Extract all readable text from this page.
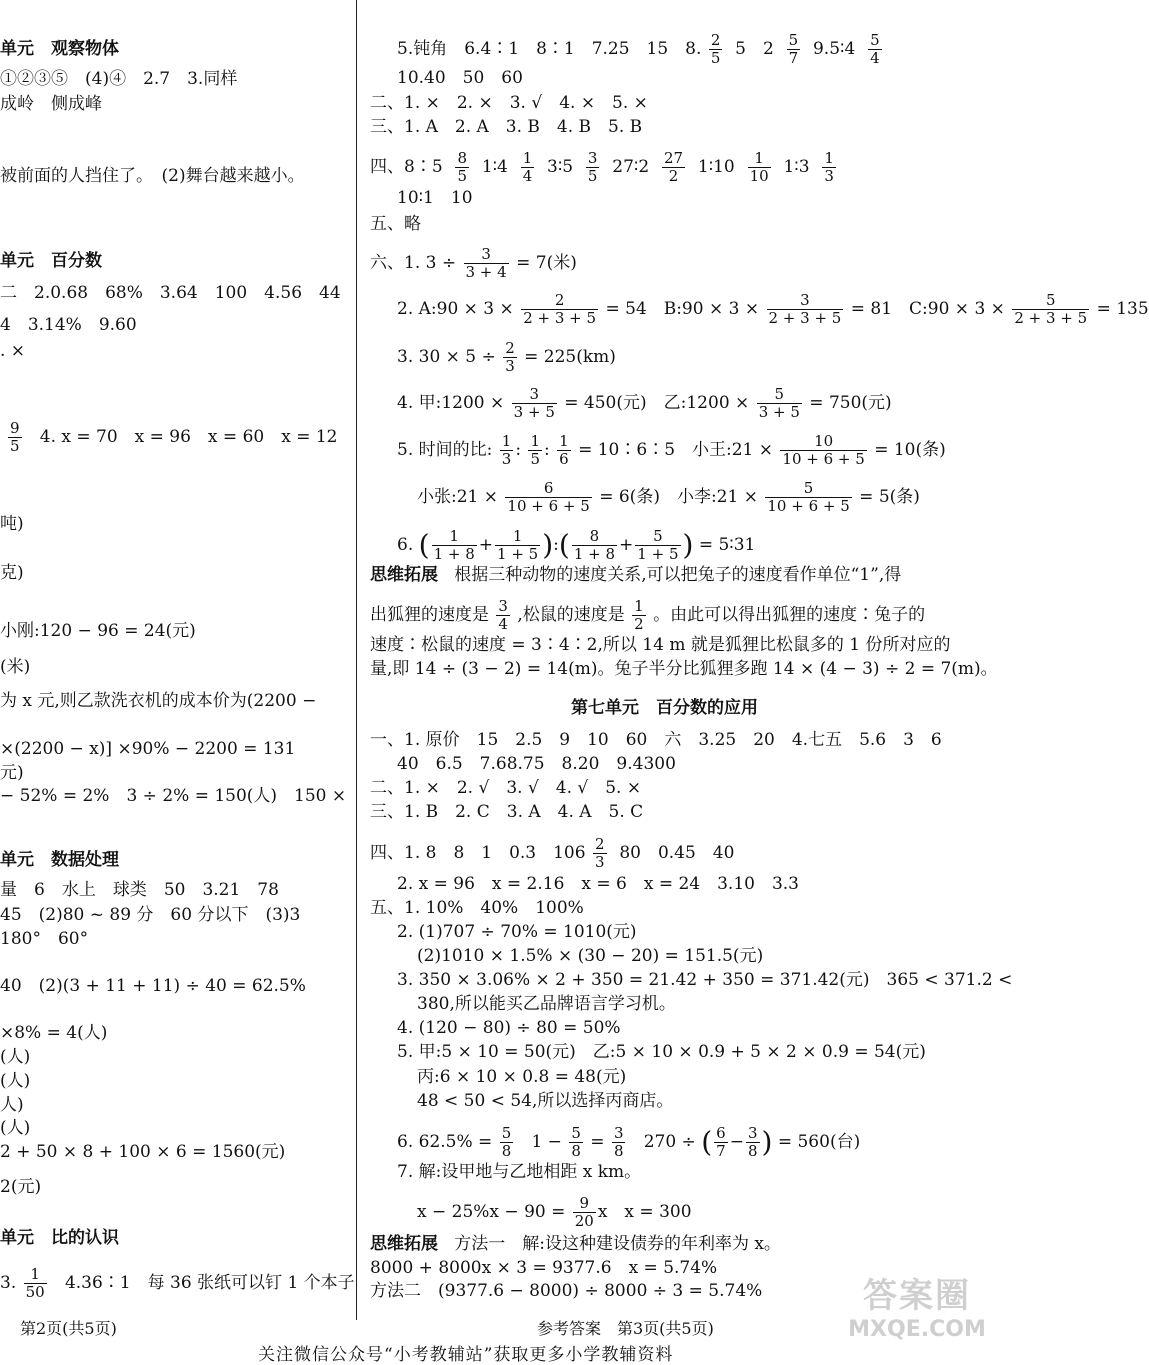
单元　观察物体
①②③⑤　(4)④　2.7　3.同样
成岭　侧成峰
被前面的人挡住了。　(2)舞台越来越小。
单元　百分数
二　2.0.68　68%　3.64　100　4.56　44
4　3.14%　9.60
. ×
$\frac{9}{5} 4$. x = 70　x = 96　x = 60　x = 12
吨)
克)
小刚:120 − 96 = 24(元)
(米)
为 x 元,则乙款洗衣机的成本价为(2200 −
×(2200 − x)] ×90% − 2200 = 131
元)
− 52% = 2%　3 ÷ 2% = 150(人)　150 ×
单元　数据处理
量　6　水上　球类　50　3.21　78
45　(2)80 ~ 89 分　60 分以下　(3)3
180°　60°
40　(2)(3 + 11 + 11) ÷ 40 = 62.5%
×8% = 4(人)
(人)
(人)
人)
(人)
2 + 50 × 8 + 100 × 6 = 1560(元)
2(元)
单元　比的认识
3. $\frac{1}{50}$ 4.36∶1　每 36 张纸可以钉 1 个本子
5.钝角　6.4∶1　8∶1　7.25　15　8. $\frac{2}{5} 5$　$2 \frac{5}{7}$ 9.5∶4 $\frac{5}{4}$
10.40　50　60
二、1. ×　2. ×　3. √　4. ×　5. ×
三、1. A　2. A　3. B　4. B　5. B
四、8∶5 $\frac{8}{5}$ 1∶4 $\frac{1}{4}$ 3∶5 $\frac{3}{5}$ 27∶2 $\frac{27}{2}$ 1∶10 $\frac{1}{10}$ 1∶3 $\frac{1}{3}$
10∶1　10
五、略
六、1. $3 \div \frac{3}{3 + 4} = 7$(米)
2. A:90 × $3 \times \frac{2}{2 + 3 + 5} = 54$　B:90 × $3 \times \frac{3}{2 + 3 + 5} = 81$　C:90 × $3 \times \frac{5}{2 + 3 + 5} = 135$
3. $30 \times 5 \div \frac{2}{3} = 225(km)$
4. 甲:1200 × $\frac{3}{3 + 5} = 450$(元)　乙:1200 × $\frac{5}{3 + 5} = 750$(元)
5. 时间的比: $\frac{1}{3}$ : $\frac{1}{5}$ : $\frac{1}{6}$ = 10∶6∶5　小王:21 × $\frac{10}{10 + 6 + 5} = 10$(条)
小张:21 × $\frac{6}{10 + 6 + 5} = 6$(条)　小李:21 × $\frac{5}{10 + 6 + 5} = 5$(条)
6. ( $\frac{1}{1 + 8} + \frac{1}{1 + 5}$ ):( $\frac{8}{1 + 8} + \frac{5}{1 + 5}$ ) = 5∶31
思维拓展 根据三种动物的速度关系,可以把兔子的速度看作单位“1”,得
出狐狸的速度是 $\frac{3}{4}$ ,松鼠的速度是 $\frac{1}{2}$ 。由此可以得出狐狸的速度∶兔子的
速度∶松鼠的速度 = 3∶4∶2,所以 14 m 就是狐狸比松鼠多的 1 份所对应的
量,即 14 ÷ (3 − 2) = 14(m)。兔子半分比狐狸多跑 14 × (4 − 3) ÷ 2 = 7(m)。
第七单元　百分数的应用
一、1. 原价　15　2.5　9　10　60　六　3.25　20　4.七五　5.6　3　6
40　6.5　7.68.75　8.20　9.4300
二、1. ×　2. √　3. √　4. √　5. ×
三、1. B　2. C　3. A　4. A　5. C
四、1. 8　8　1　0.3　$106 \frac{2}{3} 80$　0.45　40
2. x = 96　x = 2.16　x = 6　x = 24　3.10　3.3
五、1. 10%　40%　100%
2. (1)707 ÷ 70% = 1010(元)
(2)1010 × 1.5% × (30 − 20) = 151.5(元)
3. 350 × 3.06% × 2 + 350 = 21.42 + 350 = 371.42(元)　365 < 371.2 <
380,所以能买乙品牌语言学习机。
4. (120 − 80) ÷ 80 = 50%
5. 甲:5 × 10 = 50(元)　乙:5 × 10 × 0.9 + 5 × 2 × 0.9 = 54(元)
丙:6 × 10 × 0.8 = 48(元)
48 < 50 < 54,所以选择丙商店。
6. $62.5\% = \frac{5}{8} 1 - \frac{5}{8} = \frac{3}{8} 270$ ÷ ( $\frac{6}{7} - \frac{3}{8}$ ) = 560(台)
7. 解:设甲地与乙地相距 x km。
$x - 25\%x - 90 = \frac{9}{20}$ x　x = 300
思维拓展 方法一　解:设这种建设债券的年利率为 x。
8000 + 8000x × 3 = 9377.6　x = 5.74%
方法二　(9377.6 − 8000) ÷ 8000 ÷ 3 = 5.74%
第2页(共5页)	参考答案　第3页(共5页)
关注微信公众号“小考教辅站”获取更多小学教辅资料
答案圈
MXQE.COM
